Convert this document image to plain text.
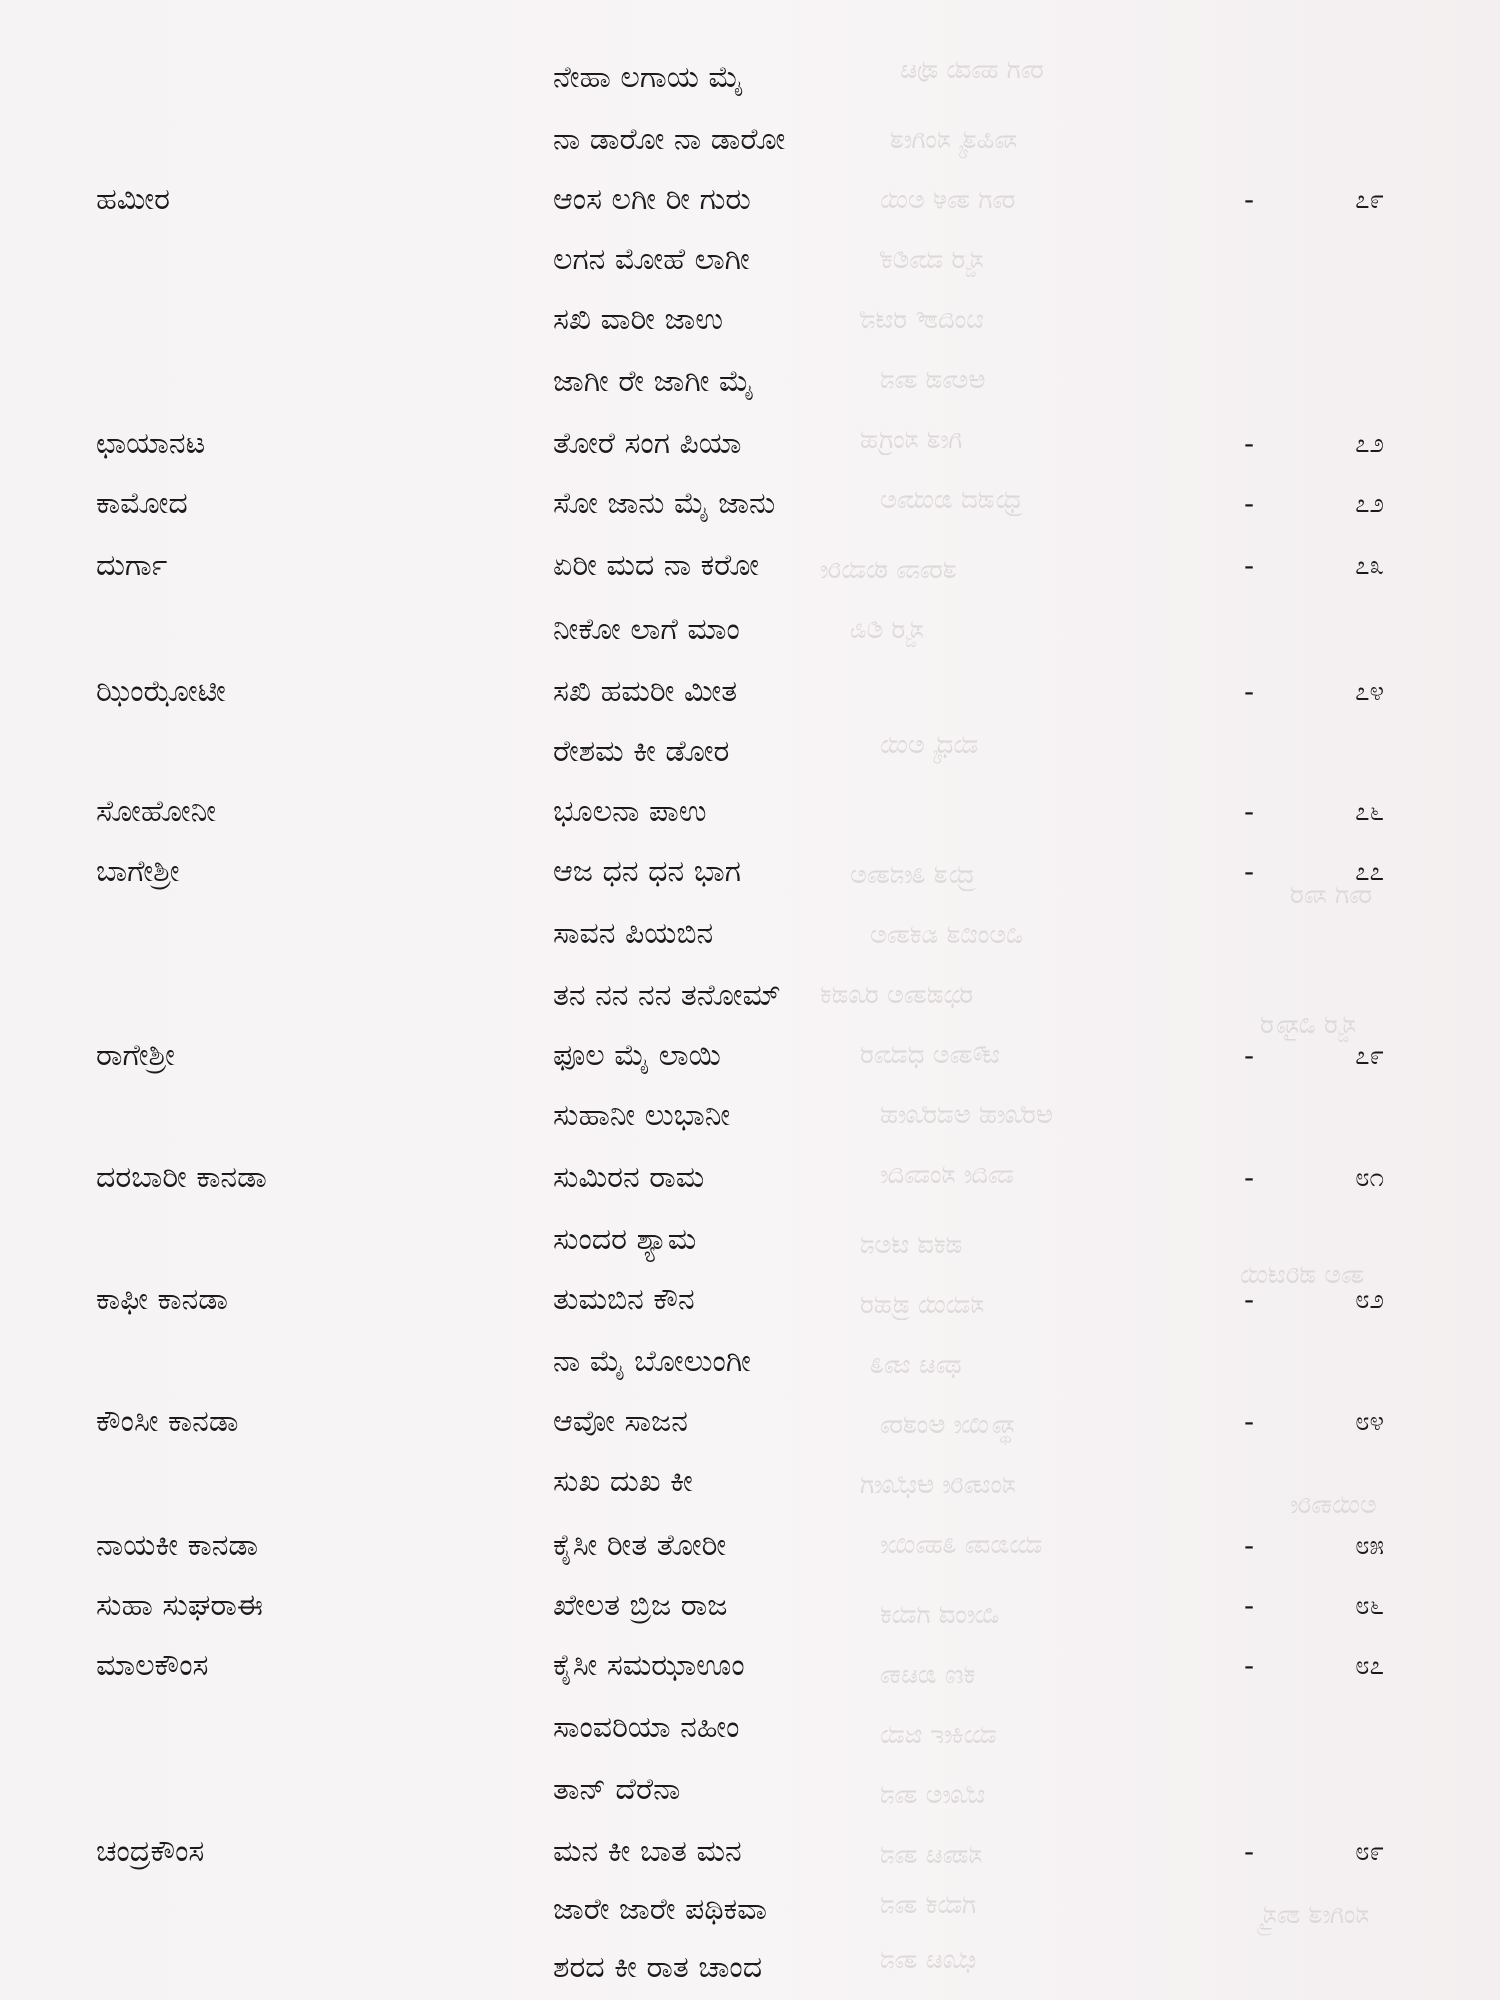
ರಾಗ ಹಾಡು ಪುಟ
ಸಾಹಿತ್ಯ ಸಂಗೀತ
ರಾಗ ತಾಳ ಲಯ
ಸ್ವರ ಮಾಲಿಕೆ
ಬಂದಿಶ್ ರಚನೆ
ಆಲಾಪ ತಾನ
ಗೀತ ಸಂಗ್ರಹ
ಧ್ರುಪದ ಖಯಾಲ
ತರಾನಾ ಠುಮರೀ
ಸ್ವರ ಲಿಪಿ
ಮಧ್ಯ ಲಯ
ದ್ರುತ ತೀನತಾಲ
ವಿಲಂಬಿತ ಏಕತಾಲ
ಝಪತಾಲ ರೂಪಕ
ಚೌತಾಲ ಧಮಾರ
ಆರೋಹ ಅವರೋಹ
ವಾದೀ ಸಂವಾದೀ
ಪಕಡ ಚಲನ
ಸಮಯ ಪ್ರಹರ
ಥಾಟ ಜಾತಿ
ಸ್ಥಾಯೀ ಅಂತರಾ
ಸಂಚಾರೀ ಆಭೋಗ
ಮುಖಡಾ ತಿಹಾಯೀ
ಮೀಂಡ ಗಮಕ
ಕಣ ಖಟಕಾ
ಮುರ್ಕೀ ಜಮ
ಬೋಲ ತಾನ
ಸಪಾಟ ತಾನ
ಗಮಕ ತಾನ
ಛೂಟ ತಾನ
ರಾಗ ಸಾರ
ಸ್ವರ ವಿಸ್ತಾರ
ತಾಲ ಪರಿಚಯ
ಲಯಕಾರೀ
ಸಂಗೀತ ಶಾಸ್ತ್ರ
ನೇಹಾ ಲಗಾಯ ಮೈ
ನಾ ಡಾರೋ ನಾ ಡಾರೋ
ಹಮೀರ	ಆಂಸ ಲಗೀ ರೀ ಗುರು	-	೭೯
ಲಗನ ಮೋಹೆ ಲಾಗೀ
ಸಖಿ ವಾರೀ ಜಾಉ
ಜಾಗೀ ರೇ ಜಾಗೀ ಮೈ
ಛಾಯಾನಟ	ತೋರೆ ಸಂಗ ಪಿಯಾ	-	೭೨
ಕಾಮೋದ	ಸೋ ಜಾನು ಮೈ ಜಾನು	-	೭೨
ದುರ್ಗಾ	ಏರೀ ಮದ ನಾ ಕರೋ	-	೭೩
ನೀಕೋ ಲಾಗೆ ಮಾಂ
ಝಿಂಝೋಟೀ	ಸಖಿ ಹಮರೀ ಮೀತ	-	೭೪
ರೇಶಮ ಕೀ ಡೋರ
ಸೋಹೋನೀ	ಭೂಲನಾ ಪಾಉ	-	೭೬
ಬಾಗೇಶ್ರೀ	ಆಜ ಧನ ಧನ ಭಾಗ	-	೭೭
ಸಾವನ ಪಿಯಬಿನ
ತನ ನನ ನನ ತನೋಮ್
ರಾಗೇಶ್ರೀ	ಫೂಲ ಮೈ ಲಾಯಿ	-	೭೯
ಸುಹಾನೀ ಲುಭಾನೀ
ದರಬಾರೀ ಕಾನಡಾ	ಸುಮಿರನ ರಾಮ	-	೮೧
ಸುಂದರ ಶ್ಯಾಮ
ಕಾಫೀ ಕಾನಡಾ	ತುಮಬಿನ ಕೌನ	-	೮೨
ನಾ ಮೈ ಬೋಲುಂಗೀ
ಕೌಂಸೀ ಕಾನಡಾ	ಆವೋ ಸಾಜನ	-	೮೪
ಸುಖ ದುಖ ಕೀ
ನಾಯಕೀ ಕಾನಡಾ	ಕೈಸೀ ರೀತ ತೋರೀ	-	೮೫
ಸುಹಾ ಸುಘರಾಈ	ಖೇಲತ ಬ್ರಿಜ ರಾಜ	-	೮೬
ಮಾಲಕೌಂಸ	ಕೈಸೀ ಸಮಝಾಊಂ	-	೮೭
ಸಾಂವರಿಯಾ ನಹೀಂ
ತಾನ್ ದೆರೆನಾ
ಚಂದ್ರಕೌಂಸ	ಮನ ಕೀ ಬಾತ ಮನ	-	೮೯
ಜಾರೇ ಜಾರೇ ಪಥಿಕವಾ
ಶರದ ಕೀ ರಾತ ಚಾಂದ
